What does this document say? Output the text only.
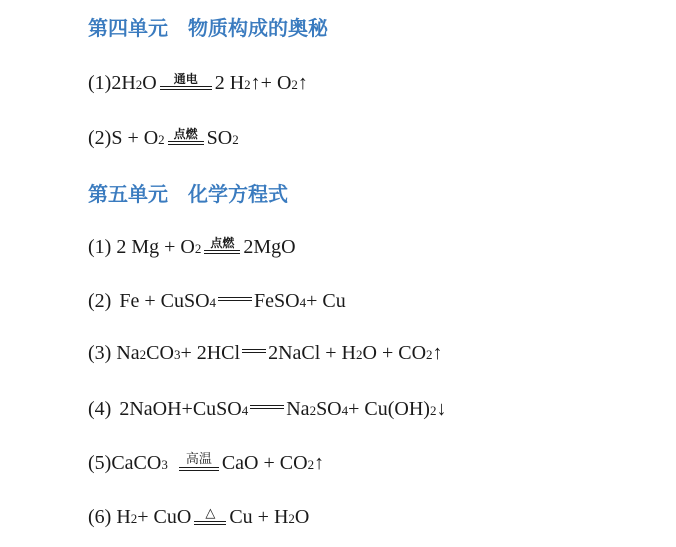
第四单元　物质构成的奥秘
(1)2H 2 O 通电 2 H 2 ↑+ O 2 ↑
(2)S + O 2 点燃 SO 2
第五单元　化学方程式
(1) 2 Mg + O 2 点燃 2MgO
(2) Fe + CuSO 4 FeSO 4 + Cu
(3) Na 2 CO 3 + 2HCl 2NaCl + H 2 O + CO 2 ↑
(4) 2NaOH+CuSO 4 Na 2 SO 4 + Cu(OH) 2 ↓
(5)CaCO 3 高温 CaO + CO 2 ↑
(6) H 2 + CuO △ Cu + H 2 O
